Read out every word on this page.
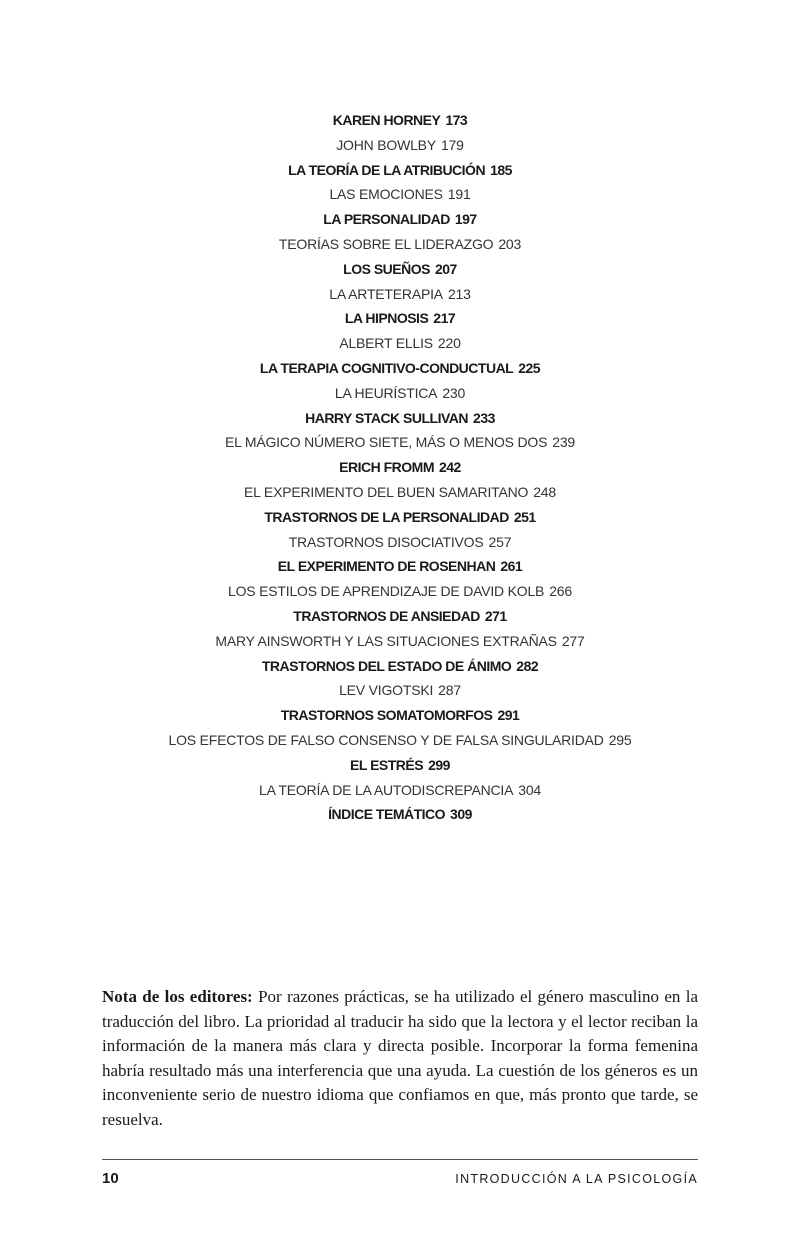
KAREN HORNEY 173
JOHN BOWLBY 179
LA TEORÍA DE LA ATRIBUCIÓN 185
LAS EMOCIONES 191
LA PERSONALIDAD 197
TEORÍAS SOBRE EL LIDERAZGO 203
LOS SUEÑOS 207
LA ARTETERAPIA 213
LA HIPNOSIS 217
ALBERT ELLIS 220
LA TERAPIA COGNITIVO-CONDUCTUAL 225
LA HEURÍSTICA 230
HARRY STACK SULLIVAN 233
EL MÁGICO NÚMERO SIETE, MÁS O MENOS DOS 239
ERICH FROMM 242
EL EXPERIMENTO DEL BUEN SAMARITANO 248
TRASTORNOS DE LA PERSONALIDAD 251
TRASTORNOS DISOCIATIVOS 257
EL EXPERIMENTO DE ROSENHAN 261
LOS ESTILOS DE APRENDIZAJE DE DAVID KOLB 266
TRASTORNOS DE ANSIEDAD 271
MARY AINSWORTH Y LAS SITUACIONES EXTRAÑAS 277
TRASTORNOS DEL ESTADO DE ÁNIMO 282
LEV VIGOTSKI 287
TRASTORNOS SOMATOMORFOS 291
LOS EFECTOS DE FALSO CONSENSO Y DE FALSA SINGULARIDAD 295
EL ESTRÉS 299
LA TEORÍA DE LA AUTODISCREPANCIA 304
ÍNDICE TEMÁTICO 309

Nota de los editores: Por razones prácticas, se ha utilizado el género masculino en la traducción del libro. La prioridad al traducir ha sido que la lectora y el lector reciban la información de la manera más clara y directa posible. Incorporar la forma femenina habría resultado más una interferencia que una ayuda. La cuestión de los géneros es un inconveniente serio de nuestro idioma que confiamos en que, más pronto que tarde, se resuelva.

10	INTRODUCCIÓN A LA PSICOLOGÍA
